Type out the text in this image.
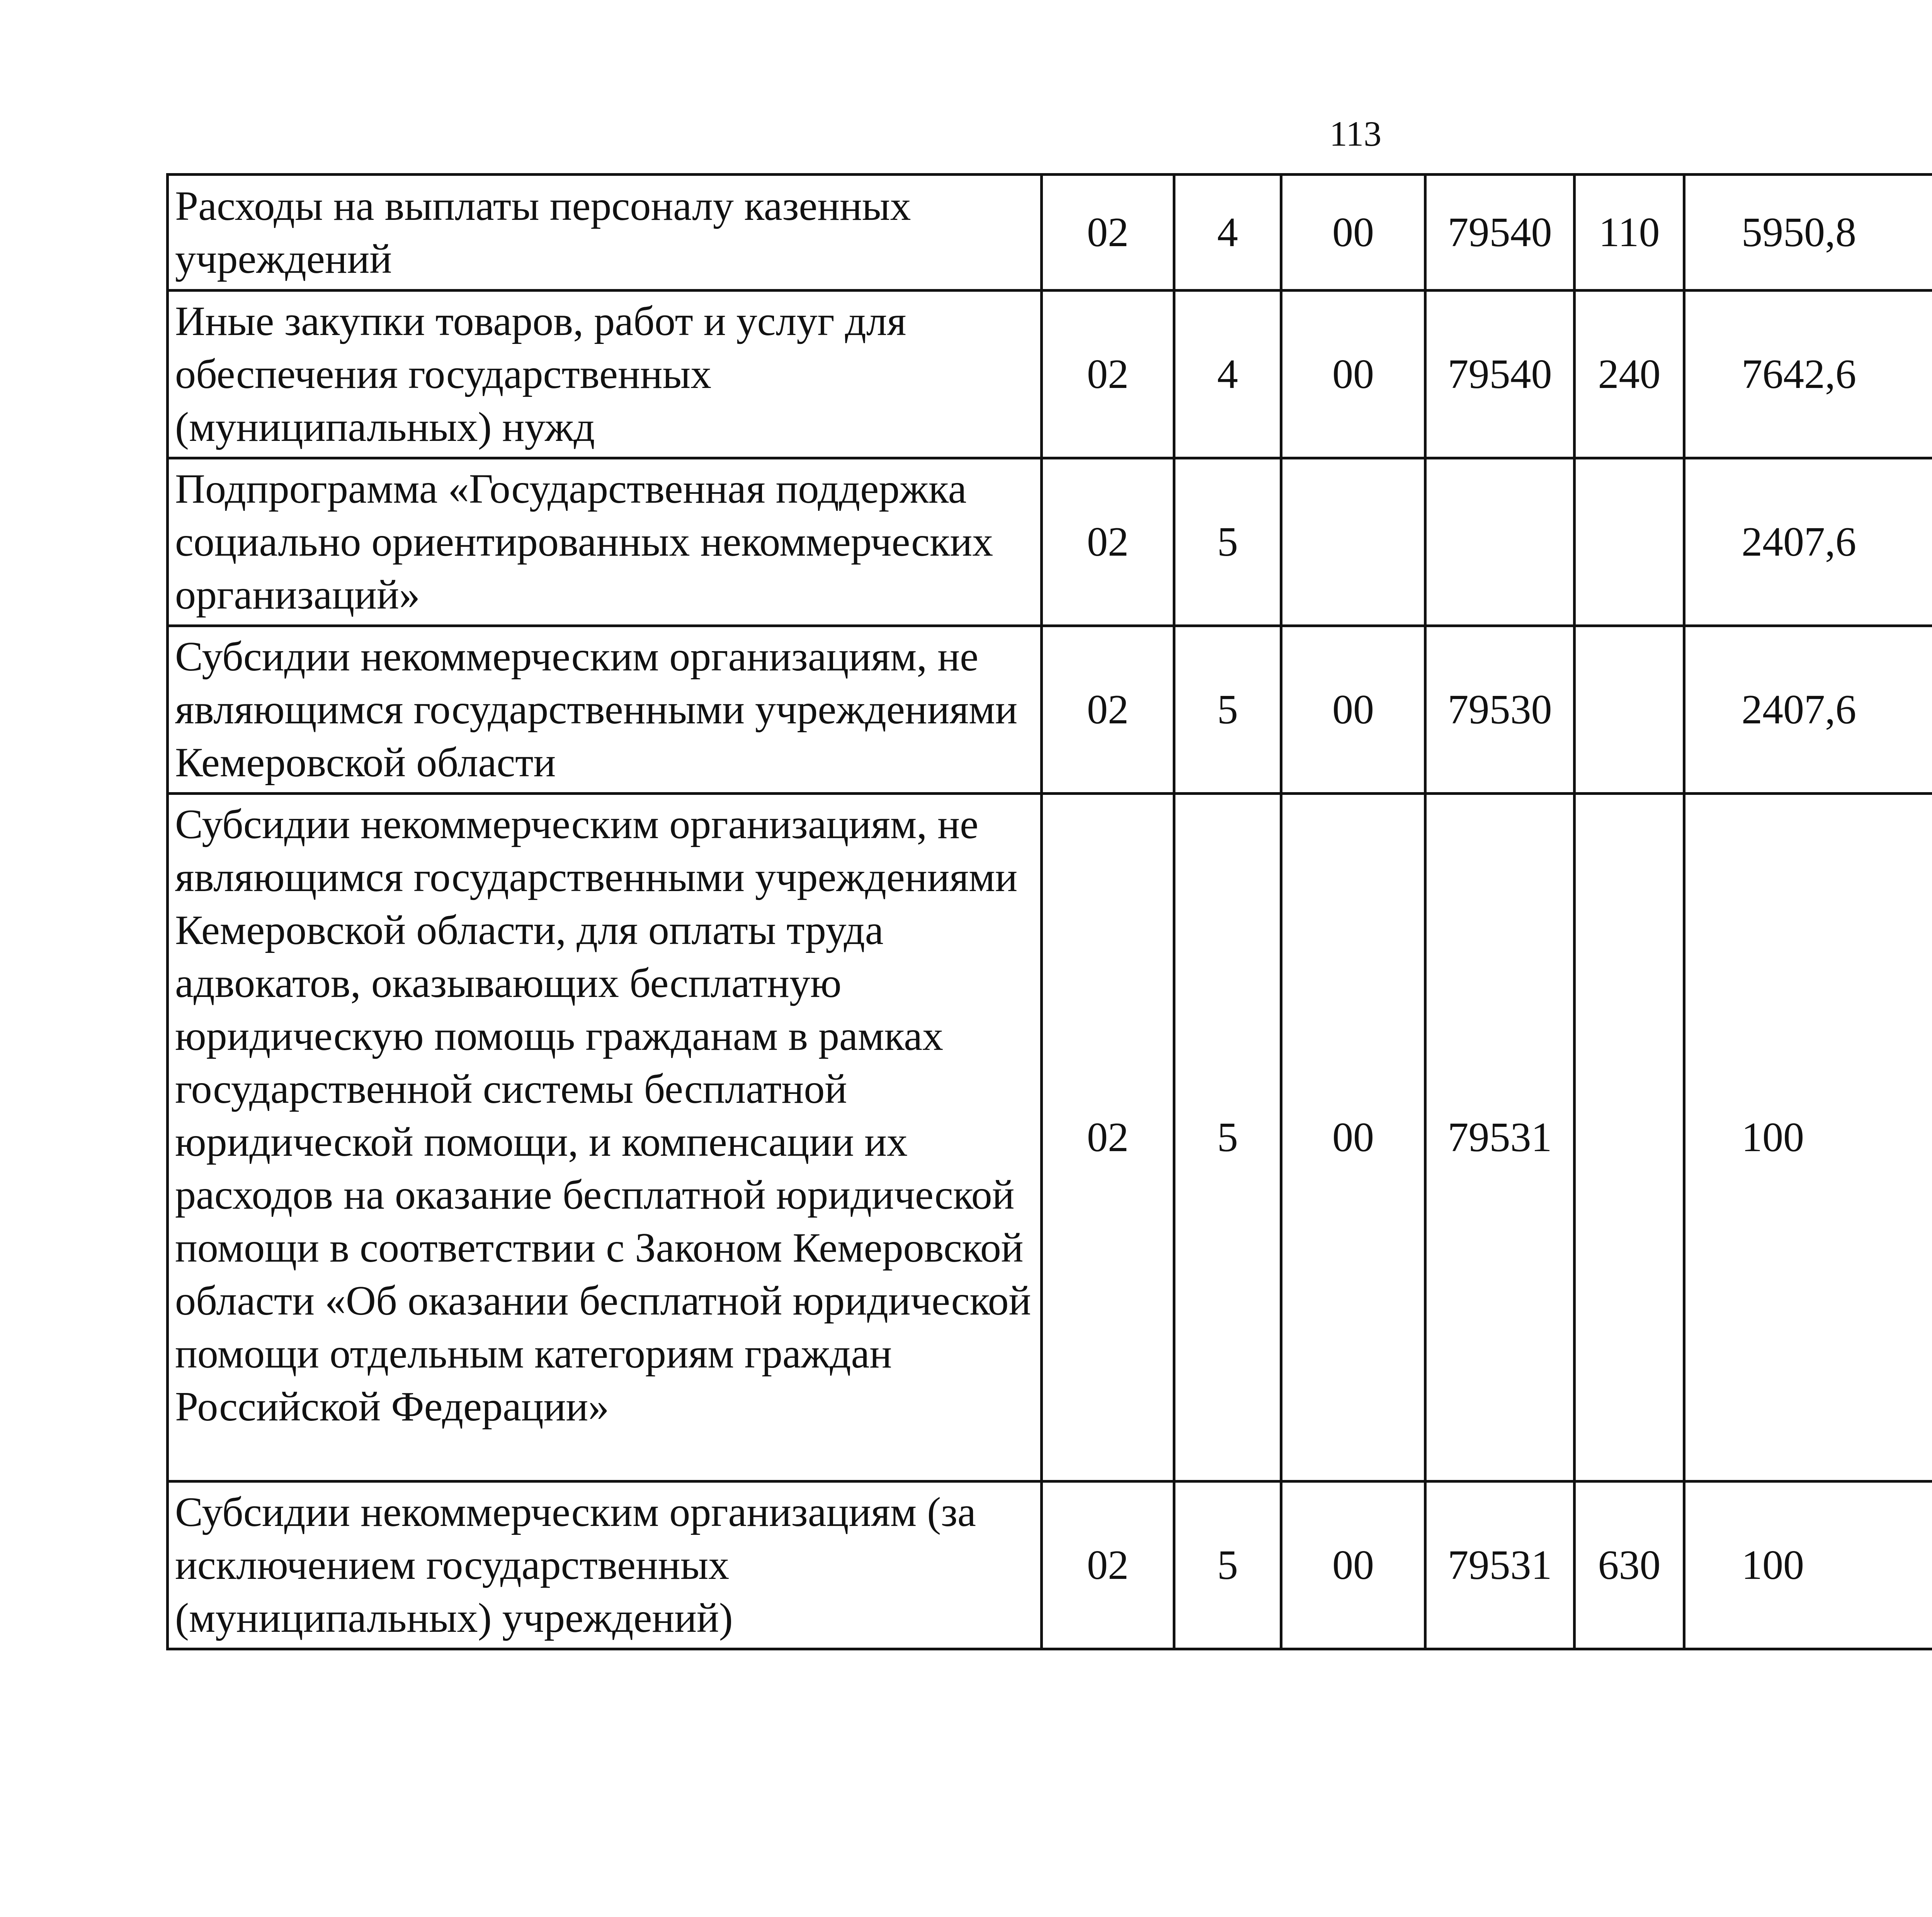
113
Расходы на выплаты персоналу казенных учреждений	02	4	00	79540	110	5950,8		
Иные закупки товаров, работ и услуг для обеспечения государственных (муниципальных) нужд	02	4	00	79540	240	7642,6		
Подпрограмма «Государственная поддержка социально ориентированных некоммерческих организаций»	02	5				2407,6		
Субсидии некоммерческим организациям, не являющимся государственными учреждениями Кемеровской области	02	5	00	79530		2407,6		
Субсидии некоммерческим организациям, не являющимся государственными учреждениями Кемеровской области, для оплаты труда адвокатов, оказывающих бесплатную юридическую помощь гражданам в рамках государственной системы бесплатной юридической помощи, и компенсации их расходов на оказание бесплатной юридической помощи в соответствии с Законом Кемеровской области «Об оказании бесплатной юридической помощи отдельным категориям граждан Российской Федерации»	02	5	00	79531		100		
Субсидии некоммерческим организациям (за исключением государственных (муниципальных) учреждений)	02	5	00	79531	630	100		
